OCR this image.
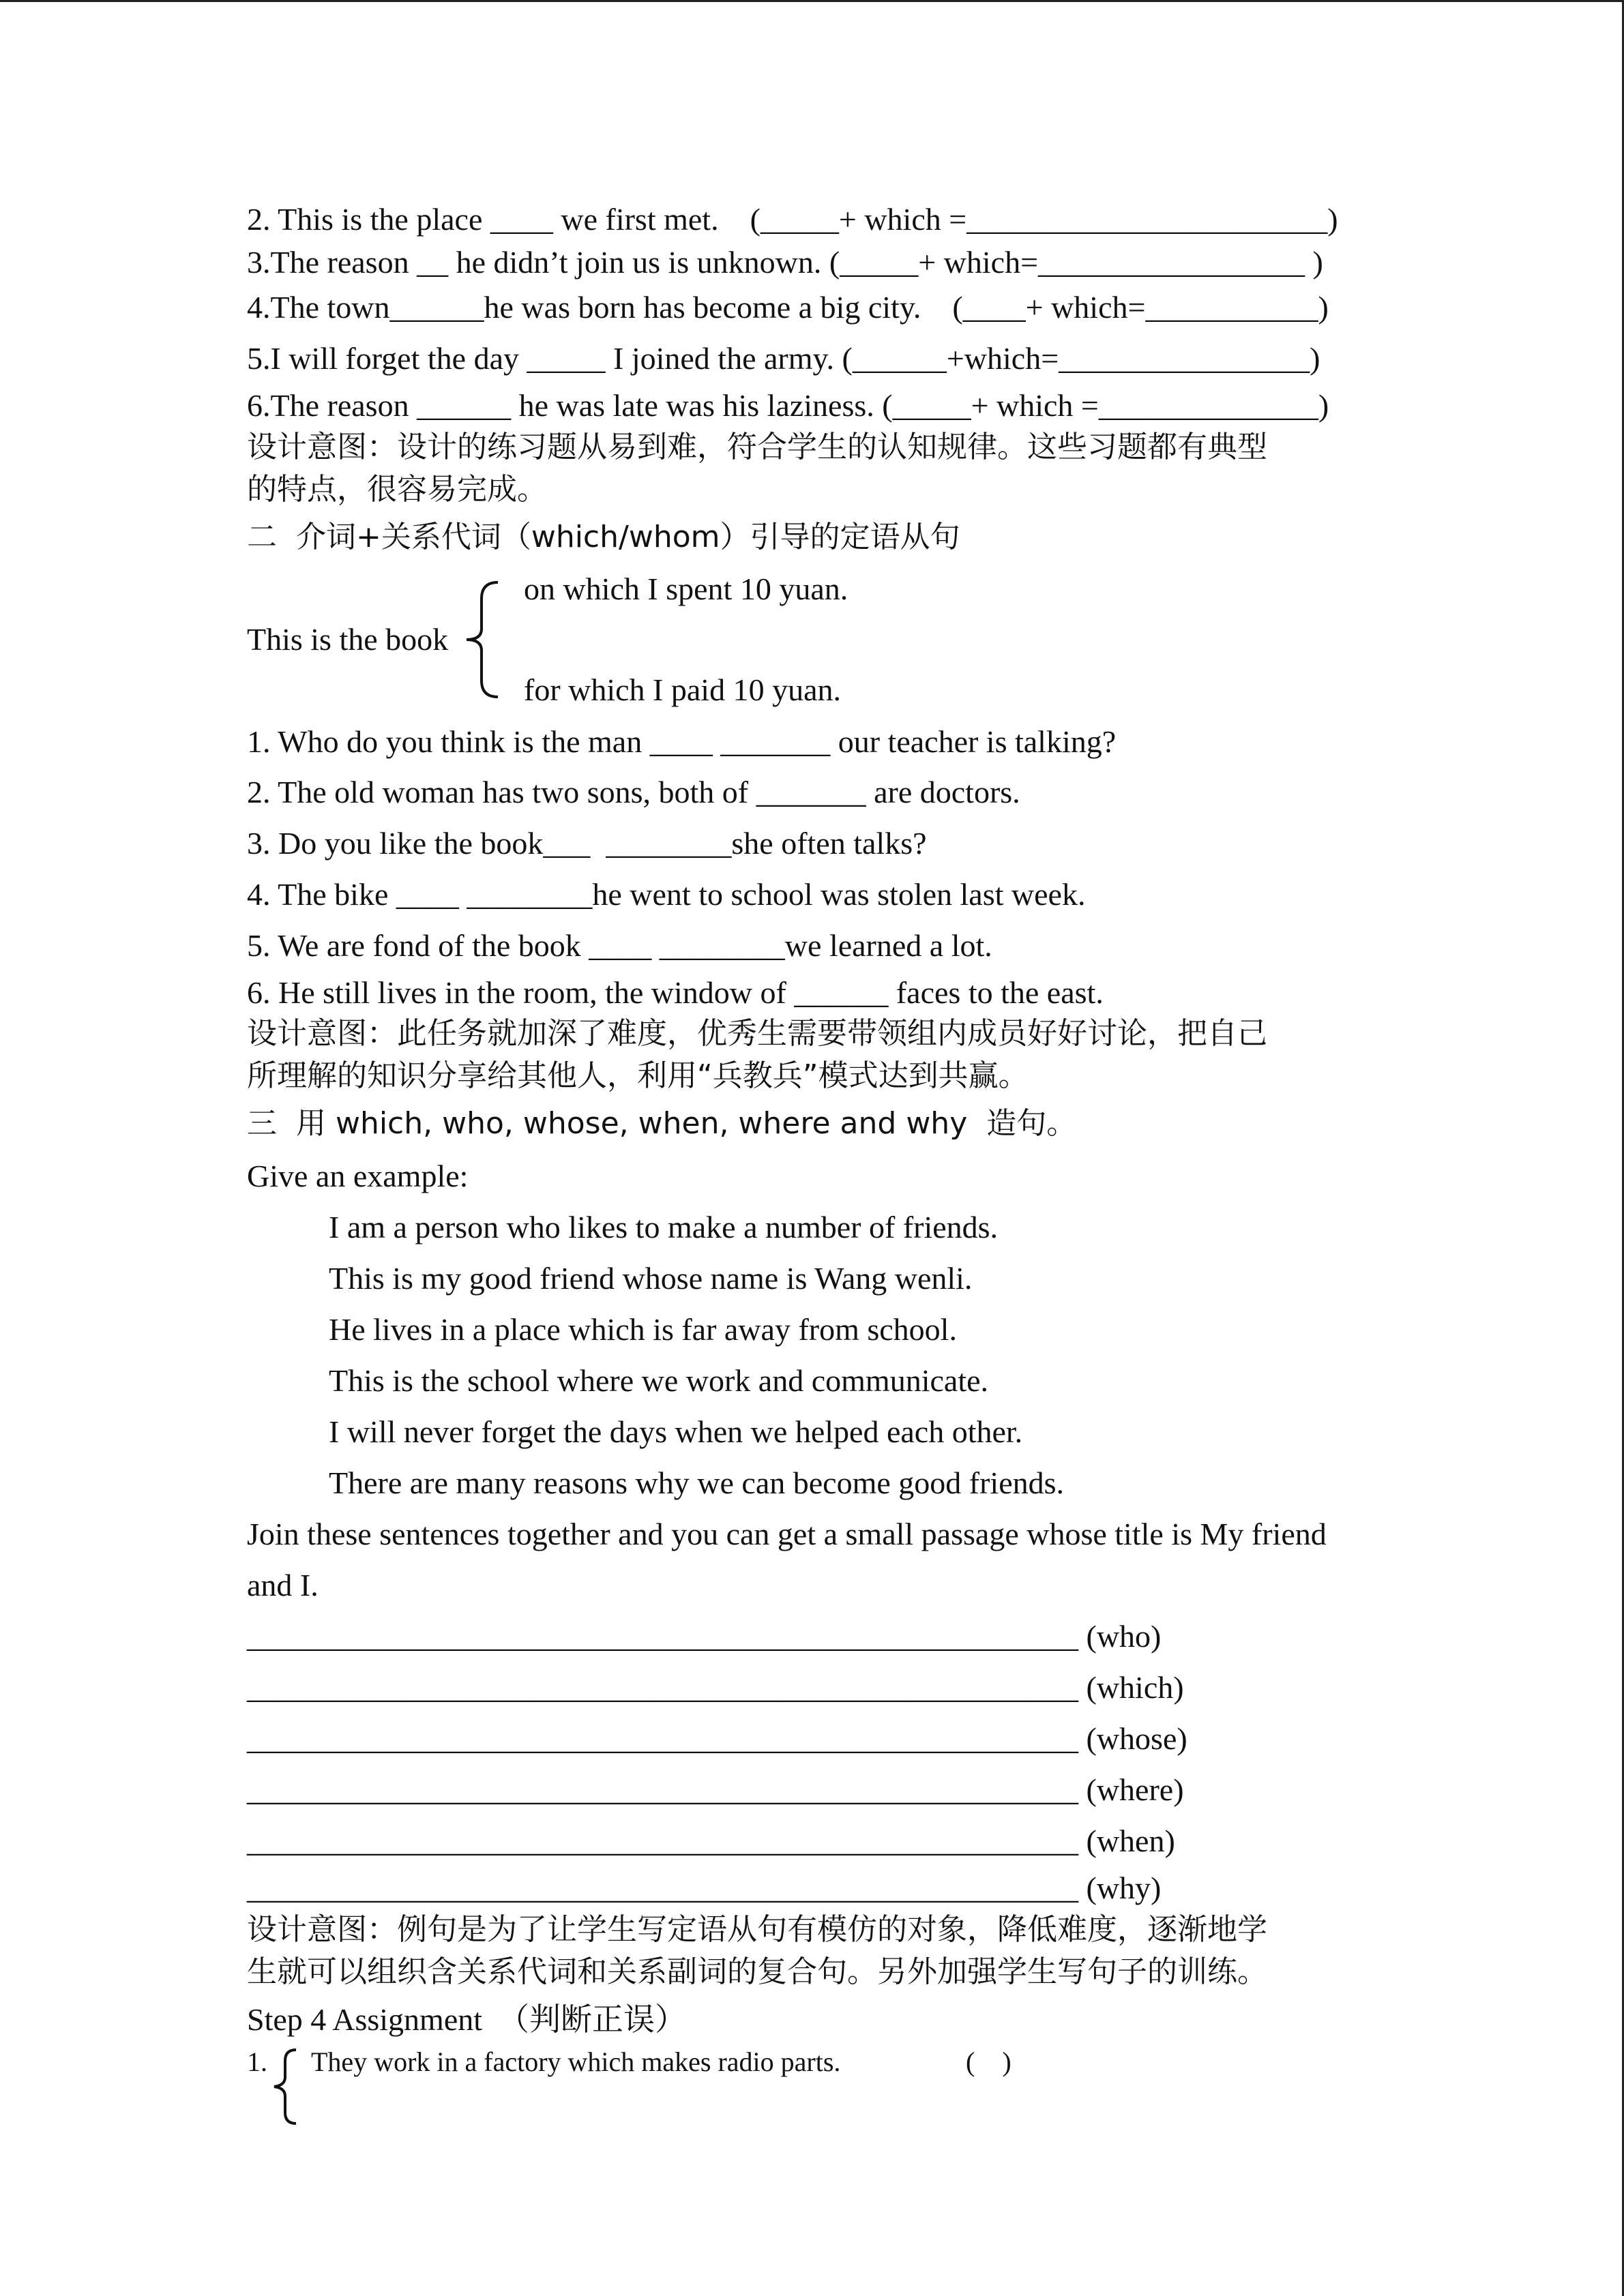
2. This is the place ____ we first met.    (_____+ which =_______________________)

3.The reason __ he didn’t join us is unknown. (_____+ which=_________________ )

4.The town______he was born has become a big city.    (____+ which=___________)

5.I will forget the day _____ I joined the army. (______+which=________________)

6.The reason ______ he was late was his laziness. (_____+ which =______________)

设计意图：设计的练习题从易到难，符合学生的认知规律。这些习题都有典型

的特点，很容易完成。

二  介词+关系代词（which/whom）引导的定语从句

on which I spent 10 yuan.

This is the book

for which I paid 10 yuan.

1. Who do you think is the man ____ _______ our teacher is talking?

2. The old woman has two sons, both of _______ are doctors.

3. Do you like the book___  ________she often talks?

4. The bike ____ ________he went to school was stolen last week.

5. We are fond of the book ____ ________we learned a lot.

6. He still lives in the room, the window of ______ faces to the east.

设计意图：此任务就加深了难度，优秀生需要带领组内成员好好讨论，把自己

所理解的知识分享给其他人，利用“兵教兵”模式达到共赢。

三  用 which, who, whose, when, where and why  造句。

Give an example:

I am a person who likes to make a number of friends.

This is my good friend whose name is Wang wenli.

He lives in a place which is far away from school.

This is the school where we work and communicate.

I will never forget the days when we helped each other.

There are many reasons why we can become good friends.

Join these sentences together and you can get a small passage whose title is My friend

and I.

_____________________________________________________ (who)

_____________________________________________________ (which)

_____________________________________________________ (whose)

_____________________________________________________ (where)

_____________________________________________________ (when)

_____________________________________________________ (why)

设计意图：例句是为了让学生写定语从句有模仿的对象，降低难度，逐渐地学

生就可以组织含关系代词和关系副词的复合句。另外加强学生写句子的训练。

Step 4 Assignment  （判断正误）

1. They work in a factory which makes radio parts.	(    )
